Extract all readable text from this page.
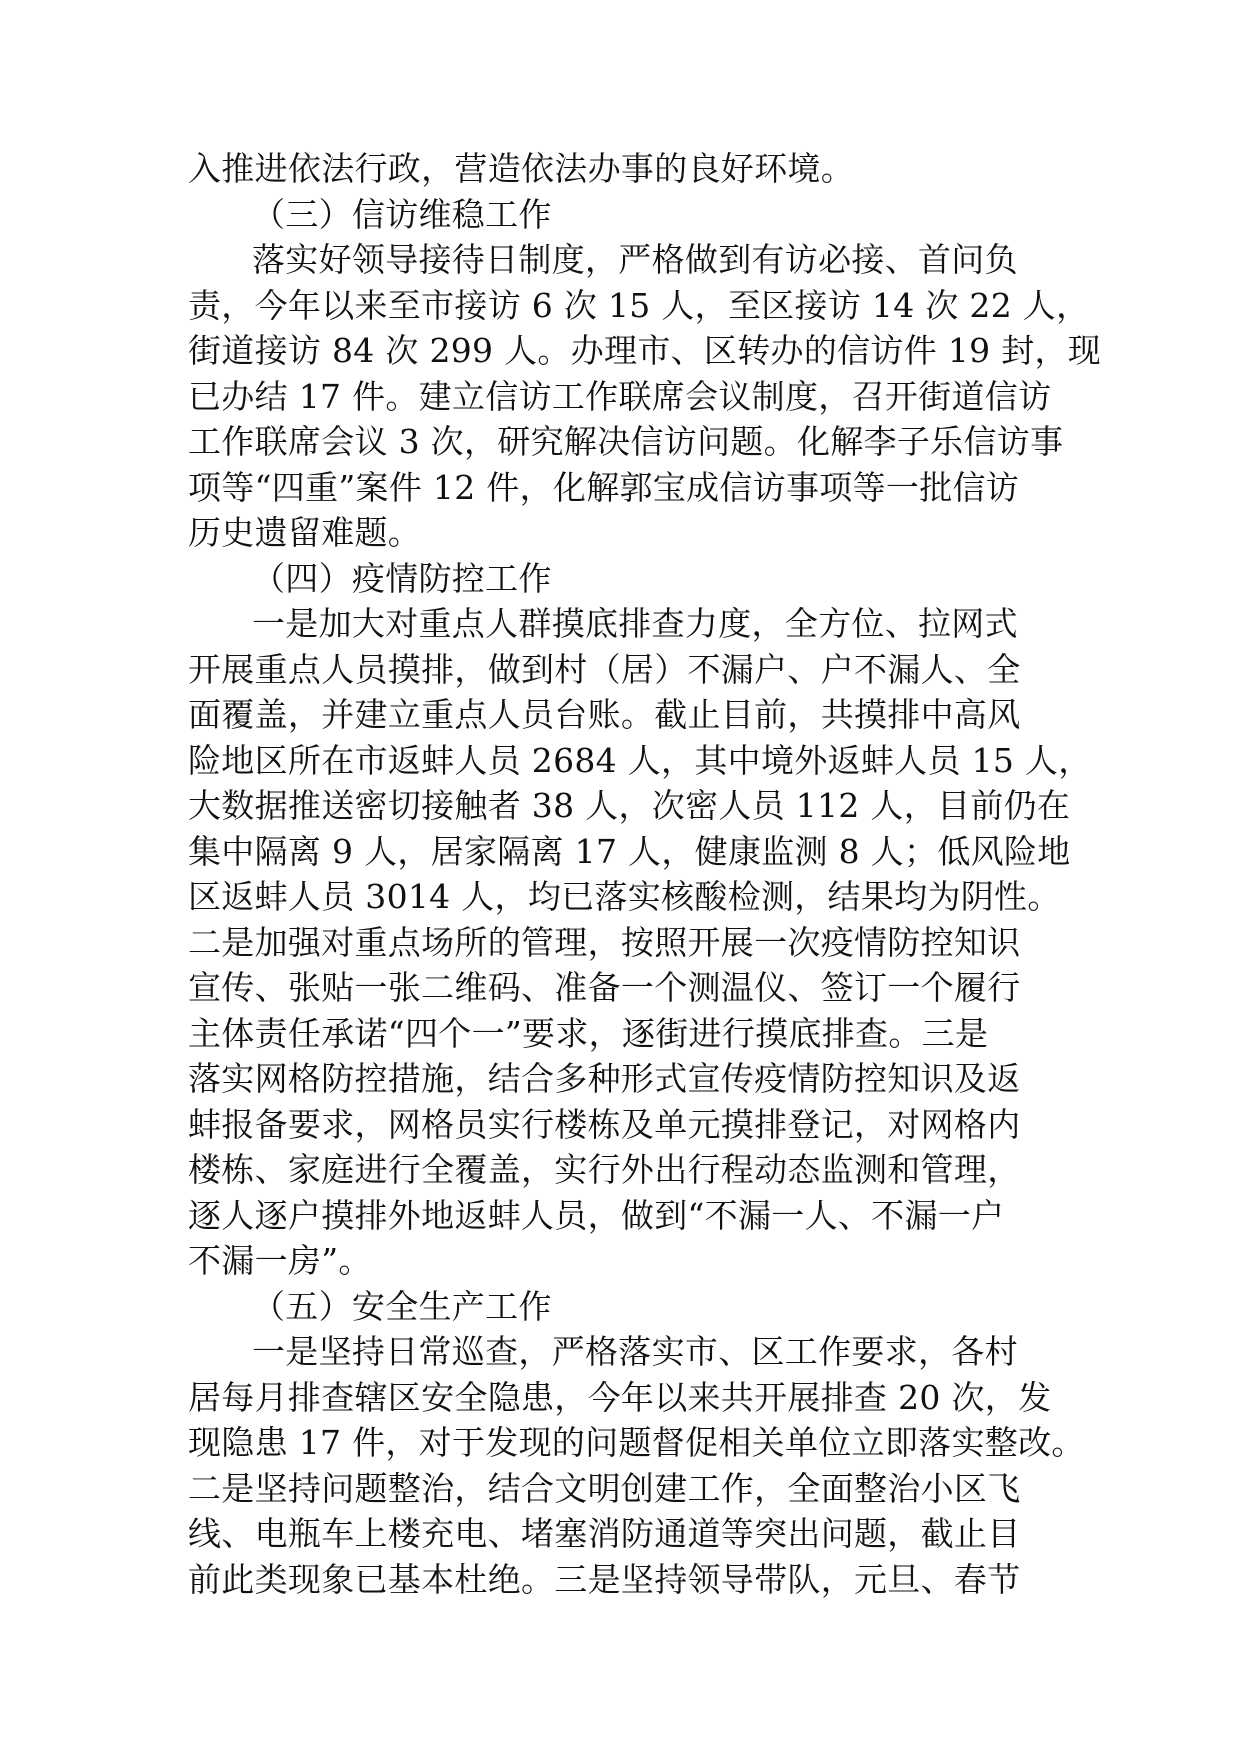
入推进依法行政，营造依法办事的良好环境。
（三）信访维稳工作
落实好领导接待日制度，严格做到有访必接、首问负
责，今年以来至市接访 6 次 15 人，至区接访 14 次 22 人，
街道接访 84 次 299 人。办理市、区转办的信访件 19 封，现
已办结 17 件。建立信访工作联席会议制度，召开街道信访
工作联席会议 3 次，研究解决信访问题。化解李子乐信访事
项等“四重”案件 12 件，化解郭宝成信访事项等一批信访
历史遗留难题。
（四）疫情防控工作
一是加大对重点人群摸底排查力度，全方位、拉网式
开展重点人员摸排，做到村（居）不漏户、户不漏人、全
面覆盖，并建立重点人员台账。截止目前，共摸排中高风
险地区所在市返蚌人员 2684 人，其中境外返蚌人员 15 人，
大数据推送密切接触者 38 人，次密人员 112 人，目前仍在
集中隔离 9 人，居家隔离 17 人，健康监测 8 人；低风险地
区返蚌人员 3014 人，均已落实核酸检测，结果均为阴性。
二是加强对重点场所的管理，按照开展一次疫情防控知识
宣传、张贴一张二维码、准备一个测温仪、签订一个履行
主体责任承诺“四个一”要求，逐街进行摸底排查。三是
落实网格防控措施，结合多种形式宣传疫情防控知识及返
蚌报备要求，网格员实行楼栋及单元摸排登记，对网格内
楼栋、家庭进行全覆盖，实行外出行程动态监测和管理，
逐人逐户摸排外地返蚌人员，做到“不漏一人、不漏一户
不漏一房”。
（五）安全生产工作
一是坚持日常巡查，严格落实市、区工作要求，各村
居每月排查辖区安全隐患，今年以来共开展排查 20 次，发
现隐患 17 件，对于发现的问题督促相关单位立即落实整改。
二是坚持问题整治，结合文明创建工作，全面整治小区飞
线、电瓶车上楼充电、堵塞消防通道等突出问题，截止目
前此类现象已基本杜绝。三是坚持领导带队，元旦、春节
